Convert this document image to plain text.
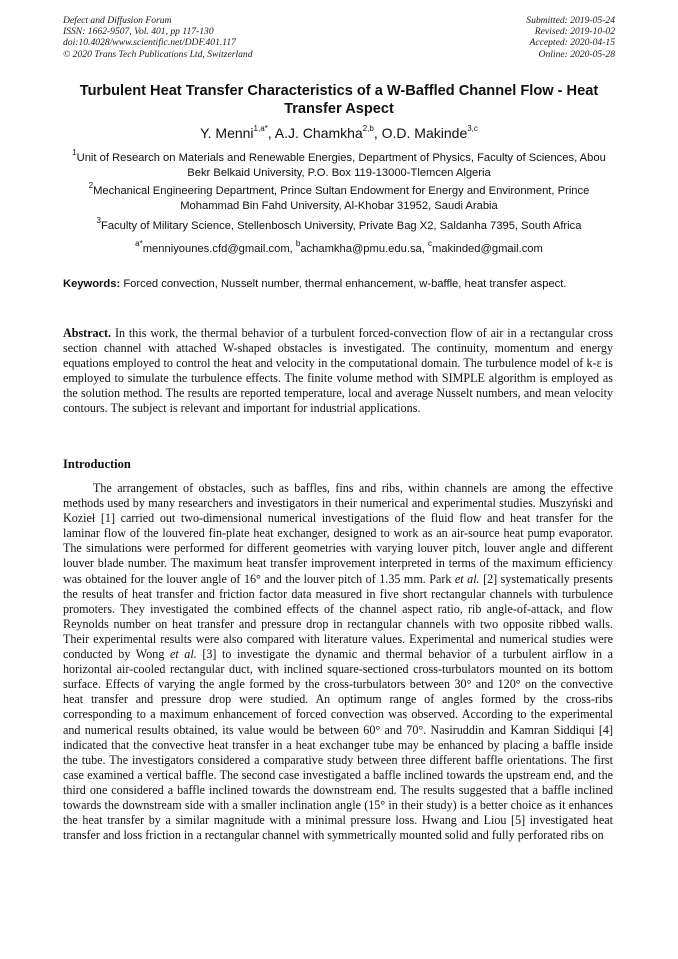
Defect and Diffusion Forum
ISSN: 1662-9507, Vol. 401, pp 117-130
doi:10.4028/www.scientific.net/DDF.401.117
© 2020 Trans Tech Publications Ltd, Switzerland
Submitted: 2019-05-24
Revised: 2019-10-02
Accepted: 2020-04-15
Online: 2020-05-28
Turbulent Heat Transfer Characteristics of a W-Baffled Channel Flow - Heat Transfer Aspect
Y. Menni$^{1,a*}$, A.J. Chamkha$^{2,b}$, O.D. Makinde$^{3,c}$
$^1$Unit of Research on Materials and Renewable Energies, Department of Physics, Faculty of Sciences, Abou Bekr Belkaid University, P.O. Box 119-13000-Tlemcen Algeria
$^2$Mechanical Engineering Department, Prince Sultan Endowment for Energy and Environment, Prince Mohammad Bin Fahd University, Al-Khobar 31952, Saudi Arabia
$^3$Faculty of Military Science, Stellenbosch University, Private Bag X2, Saldanha 7395, South Africa
$^{a*}$menniyounes.cfd@gmail.com, $^b$achamkha@pmu.edu.sa, $^c$makinded@gmail.com
Keywords: Forced convection, Nusselt number, thermal enhancement, w-baffle, heat transfer aspect.
Abstract. In this work, the thermal behavior of a turbulent forced-convection flow of air in a rectangular cross section channel with attached W-shaped obstacles is investigated. The continuity, momentum and energy equations employed to control the heat and velocity in the computational domain. The turbulence model of k-ε is employed to simulate the turbulence effects. The finite volume method with SIMPLE algorithm is employed as the solution method. The results are reported temperature, local and average Nusselt numbers, and mean velocity contours. The subject is relevant and important for industrial applications.
Introduction
The arrangement of obstacles, such as baffles, fins and ribs, within channels are among the effective methods used by many researchers and investigators in their numerical and experimental studies. Muszyński and Kozieł [1] carried out two-dimensional numerical investigations of the fluid flow and heat transfer for the laminar flow of the louvered fin-plate heat exchanger, designed to work as an air-source heat pump evaporator. The simulations were performed for different geometries with varying louver pitch, louver angle and different louver blade number. The maximum heat transfer improvement interpreted in terms of the maximum efficiency was obtained for the louver angle of 16° and the louver pitch of 1.35 mm. Park et al. [2] systematically presents the results of heat transfer and friction factor data measured in five short rectangular channels with turbulence promoters. They investigated the combined effects of the channel aspect ratio, rib angle-of-attack, and flow Reynolds number on heat transfer and pressure drop in rectangular channels with two opposite ribbed walls. Their experimental results were also compared with literature values. Experimental and numerical studies were conducted by Wong et al. [3] to investigate the dynamic and thermal behavior of a turbulent airflow in a horizontal air-cooled rectangular duct, with inclined square-sectioned cross-turbulators mounted on its bottom surface. Effects of varying the angle formed by the cross-turbulators between 30° and 120° on the convective heat transfer and pressure drop were studied. An optimum range of angles formed by the cross-ribs corresponding to a maximum enhancement of forced convection was observed. According to the experimental and numerical results obtained, its value would be between 60° and 70°. Nasiruddin and Kamran Siddiqui [4] indicated that the convective heat transfer in a heat exchanger tube may be enhanced by placing a baffle inside the tube. The investigators considered a comparative study between three different baffle orientations. The first case examined a vertical baffle. The second case investigated a baffle inclined towards the upstream end, and the third one considered a baffle inclined towards the downstream end. The results suggested that a baffle inclined towards the downstream side with a smaller inclination angle (15° in their study) is a better choice as it enhances the heat transfer by a similar magnitude with a minimal pressure loss. Hwang and Liou [5] investigated heat transfer and loss friction in a rectangular channel with symmetrically mounted solid and fully perforated ribs on
